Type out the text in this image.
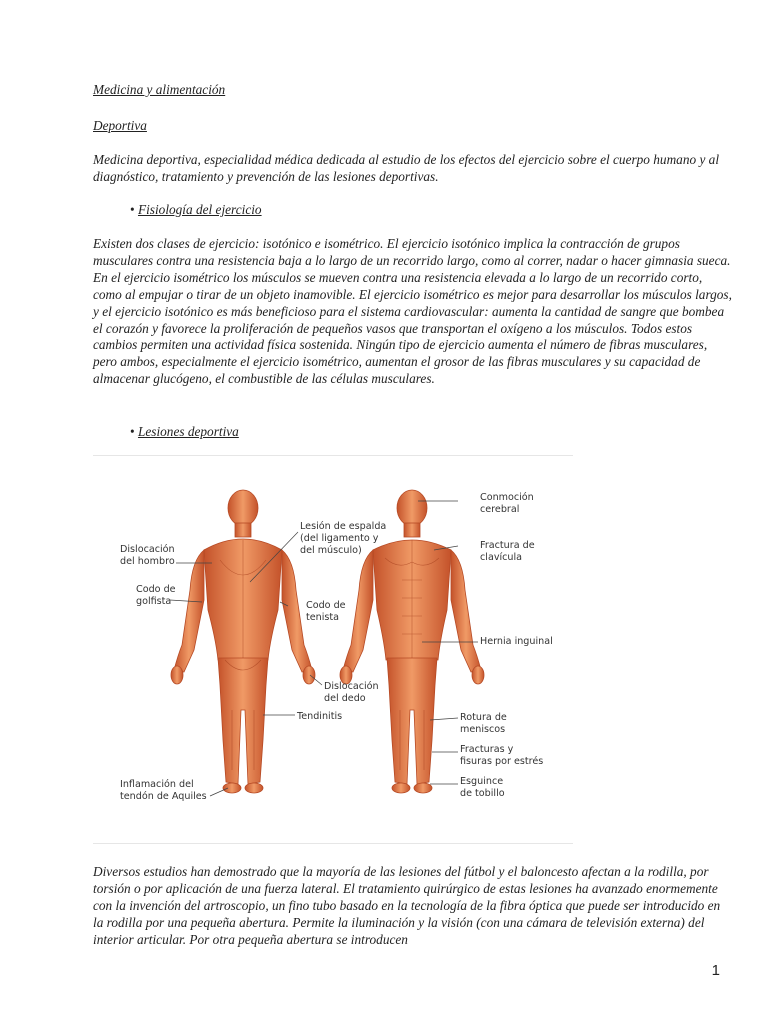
Medicina y alimentación
Deportiva
Medicina deportiva, especialidad médica dedicada al estudio de los efectos del ejercicio sobre el cuerpo humano y al diagnóstico, tratamiento y prevención de las lesiones deportivas.
• Fisiología del ejercicio
Existen dos clases de ejercicio: isotónico e isométrico. El ejercicio isotónico implica la contracción de grupos musculares contra una resistencia baja a lo largo de un recorrido largo, como al correr, nadar o hacer gimnasia sueca. En el ejercicio isométrico los músculos se mueven contra una resistencia elevada a lo largo de un recorrido corto, como al empujar o tirar de un objeto inamovible. El ejercicio isométrico es mejor para desarrollar los músculos largos, y el ejercicio isotónico es más beneficioso para el sistema cardiovascular: aumenta la cantidad de sangre que bombea el corazón y favorece la proliferación de pequeños vasos que transportan el oxígeno a los músculos. Todos estos cambios permiten una actividad física sostenida. Ningún tipo de ejercicio aumenta el número de fibras musculares, pero ambos, especialmente el ejercicio isométrico, aumentan el grosor de las fibras musculares y su capacidad de almacenar glucógeno, el combustible de las células musculares.
• Lesiones deportiva
Dislocación del hombro
Codo de golfista
Lesión de espalda (del ligamento y del músculo)
Codo de tenista
Dislocación del dedo
Tendinitis
Inflamación del tendón de Aquiles
Conmoción cerebral
Fractura de clavícula
Hernia inguinal
Rotura de meniscos
Fracturas y fisuras por estrés
Esguince de tobillo
Diversos estudios han demostrado que la mayoría de las lesiones del fútbol y el baloncesto afectan a la rodilla, por torsión o por aplicación de una fuerza lateral. El tratamiento quirúrgico de estas lesiones ha avanzado enormemente con la invención del artroscopio, un fino tubo basado en la tecnología de la fibra óptica que puede ser introducido en la rodilla por una pequeña abertura. Permite la iluminación y la visión (con una cámara de televisión externa) del interior articular. Por otra pequeña abertura se introducen
1
